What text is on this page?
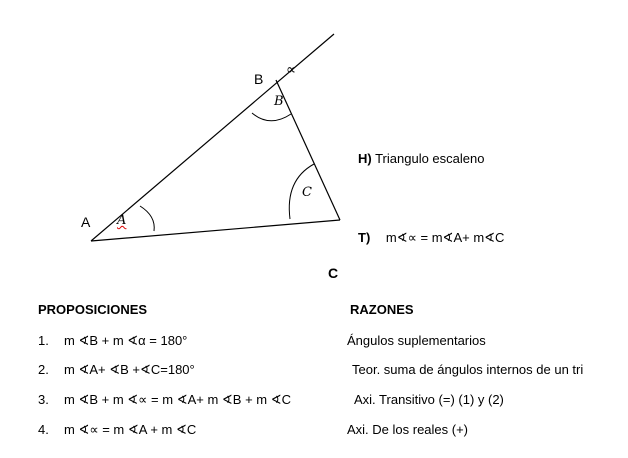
A
B
C
A
B
C
∝
H) Triangulo escaleno
T) m∢∝ = m∢A+ m∢C
PROPOSICIONES	RAZONES
1. m ∢B + m ∢α = 180°	Ángulos suplementarios
2. m ∢A+ ∢B +∢C=180°	Teor. suma de ángulos internos de un tri
3. m ∢B + m ∢∝ = m ∢A+ m ∢B + m ∢C	Axi. Transitivo (=) (1) y (2)
4. m ∢∝ = m ∢A + m ∢C	Axi. De los reales (+)
